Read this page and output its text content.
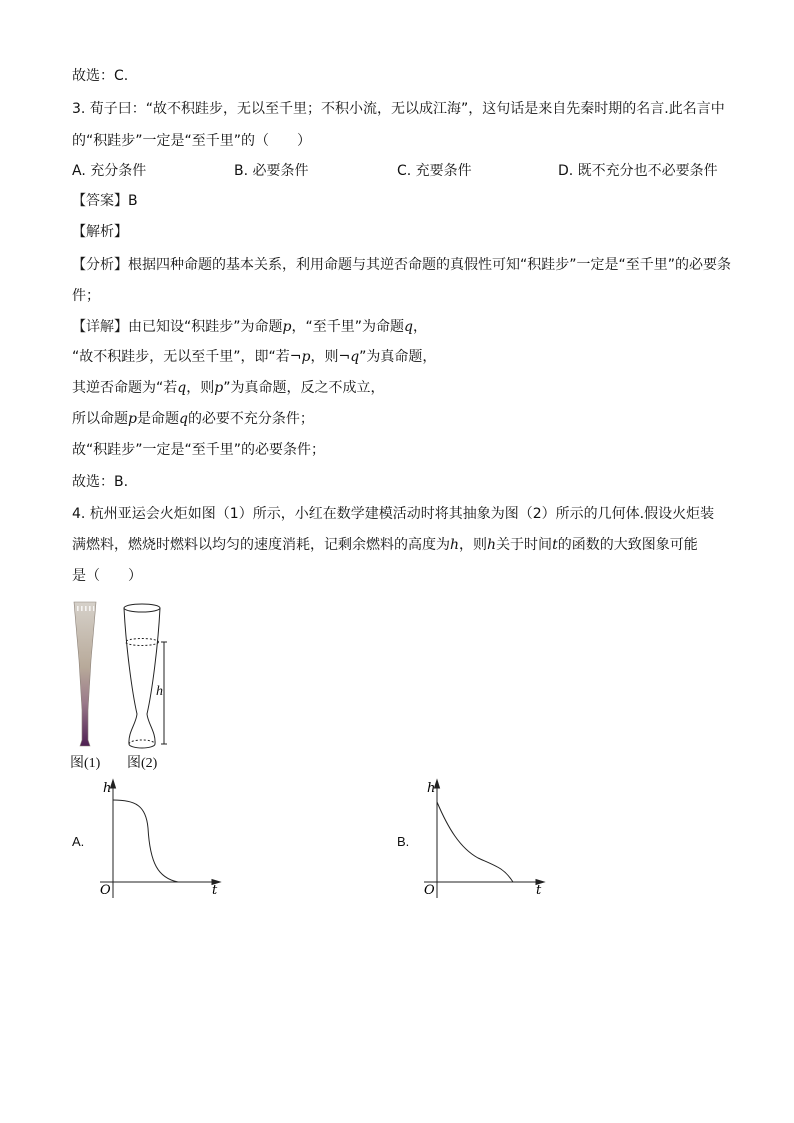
故选：C.
3. 荀子曰：“故不积跬步，无以至千里；不积小流，无以成江海”，这句话是来自先秦时期的名言.此名言中
的“积跬步”一定是“至千里”的（　　）
A. 充分条件	B. 必要条件	C. 充要条件	D. 既不充分也不必要条件
【答案】B
【解析】
【分析】根据四种命题的基本关系，利用命题与其逆否命题的真假性可知“积跬步”一定是“至千里”的必要条
件；
【详解】由已知设“积跬步”为命题p，“至千里”为命题q，
“故不积跬步，无以至千里”，即“若¬p，则¬q”为真命题，
其逆否命题为“若q，则p”为真命题，反之不成立，
所以命题p是命题q的必要不充分条件；
故“积跬步”一定是“至千里”的必要条件；
故选：B.
4. 杭州亚运会火炬如图（1）所示，小红在数学建模活动时将其抽象为图（2）所示的几何体.假设火炬装
满燃料，燃烧时燃料以均匀的速度消耗，记剩余燃料的高度为h，则h关于时间t的函数的大致图象可能
是（　　）
图(1)
h
图(2)
A.
h
t
O
B.
h
t
O
